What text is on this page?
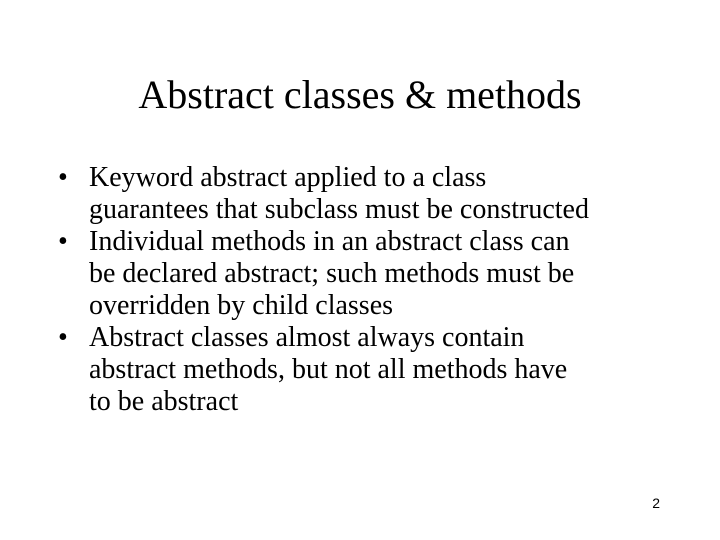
Abstract classes & methods
• Keyword abstract applied to a class
guarantees that subclass must be constructed
• Individual methods in an abstract class can
be declared abstract; such methods must be
overridden by child classes
• Abstract classes almost always contain
abstract methods, but not all methods have
to be abstract
2
